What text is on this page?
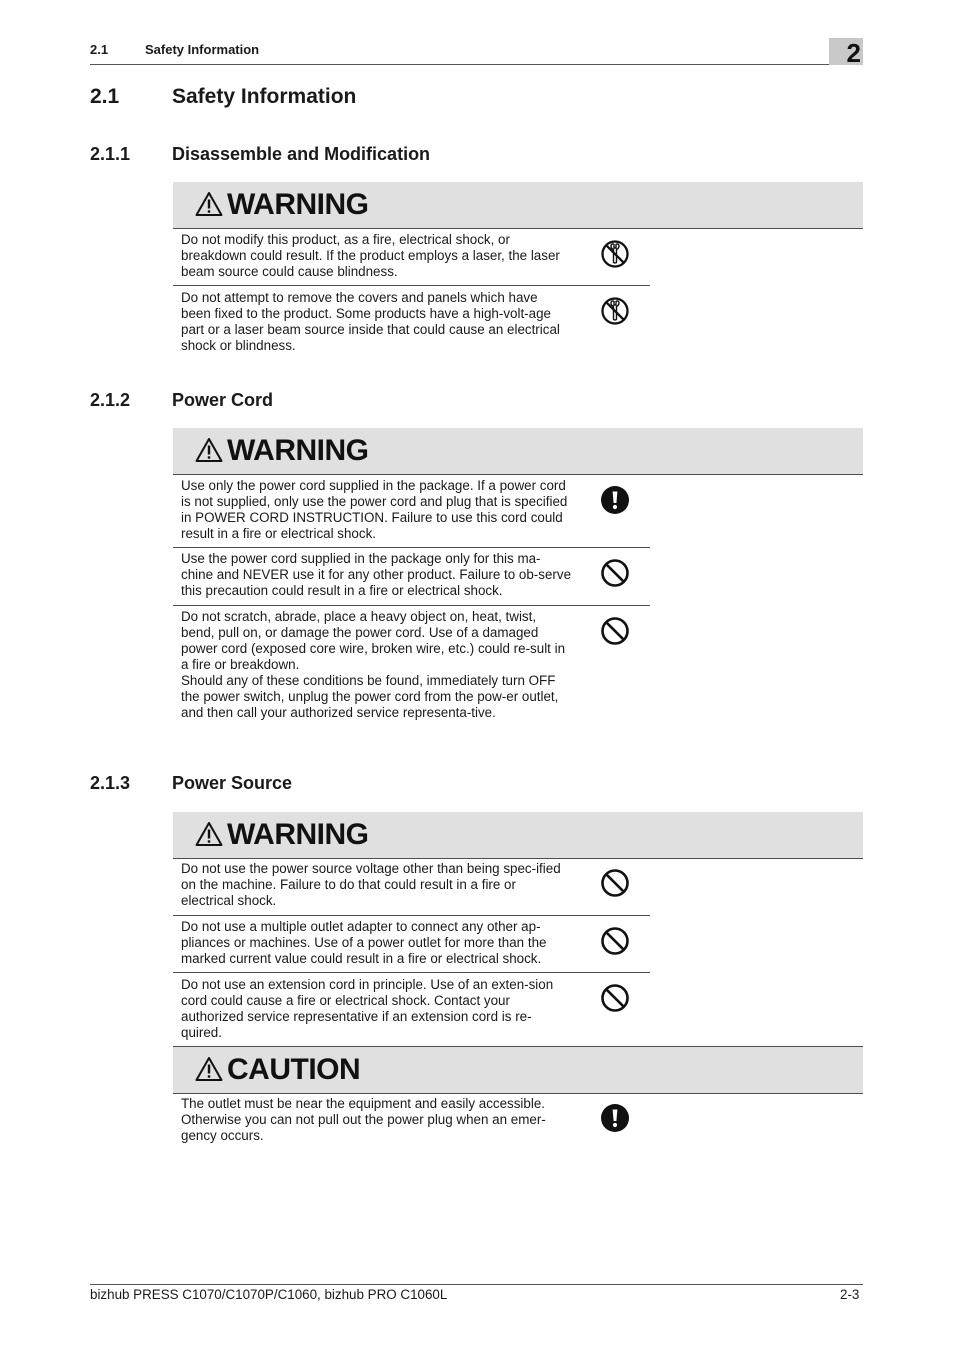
2.1	Safety Information	2
2.1	Safety Information
2.1.1 Disassemble and Modification
WARNING
Do not modify this product, as a fire, electrical shock, or breakdown could result. If the product employs a laser, the laser beam source could cause blindness.
Do not attempt to remove the covers and panels which have been fixed to the product. Some products have a high-volt-age part or a laser beam source inside that could cause an electrical shock or blindness.
2.1.2 Power Cord
WARNING
Use only the power cord supplied in the package. If a power cord is not supplied, only use the power cord and plug that is specified in POWER CORD INSTRUCTION. Failure to use this cord could result in a fire or electrical shock.
Use the power cord supplied in the package only for this ma-chine and NEVER use it for any other product. Failure to ob-serve this precaution could result in a fire or electrical shock.
Do not scratch, abrade, place a heavy object on, heat, twist, bend, pull on, or damage the power cord. Use of a damaged power cord (exposed core wire, broken wire, etc.) could re-sult in a fire or breakdown.
Should any of these conditions be found, immediately turn OFF the power switch, unplug the power cord from the pow-er outlet, and then call your authorized service representa-tive.
2.1.3 Power Source
WARNING
Do not use the power source voltage other than being spec-ified on the machine. Failure to do that could result in a fire or electrical shock.
Do not use a multiple outlet adapter to connect any other ap-pliances or machines. Use of a power outlet for more than the marked current value could result in a fire or electrical shock.
Do not use an extension cord in principle. Use of an exten-sion cord could cause a fire or electrical shock. Contact your authorized service representative if an extension cord is re-quired.
CAUTION
The outlet must be near the equipment and easily accessible. Otherwise you can not pull out the power plug when an emer-gency occurs.
bizhub PRESS C1070/C1070P/C1060, bizhub PRO C1060L	2-3
